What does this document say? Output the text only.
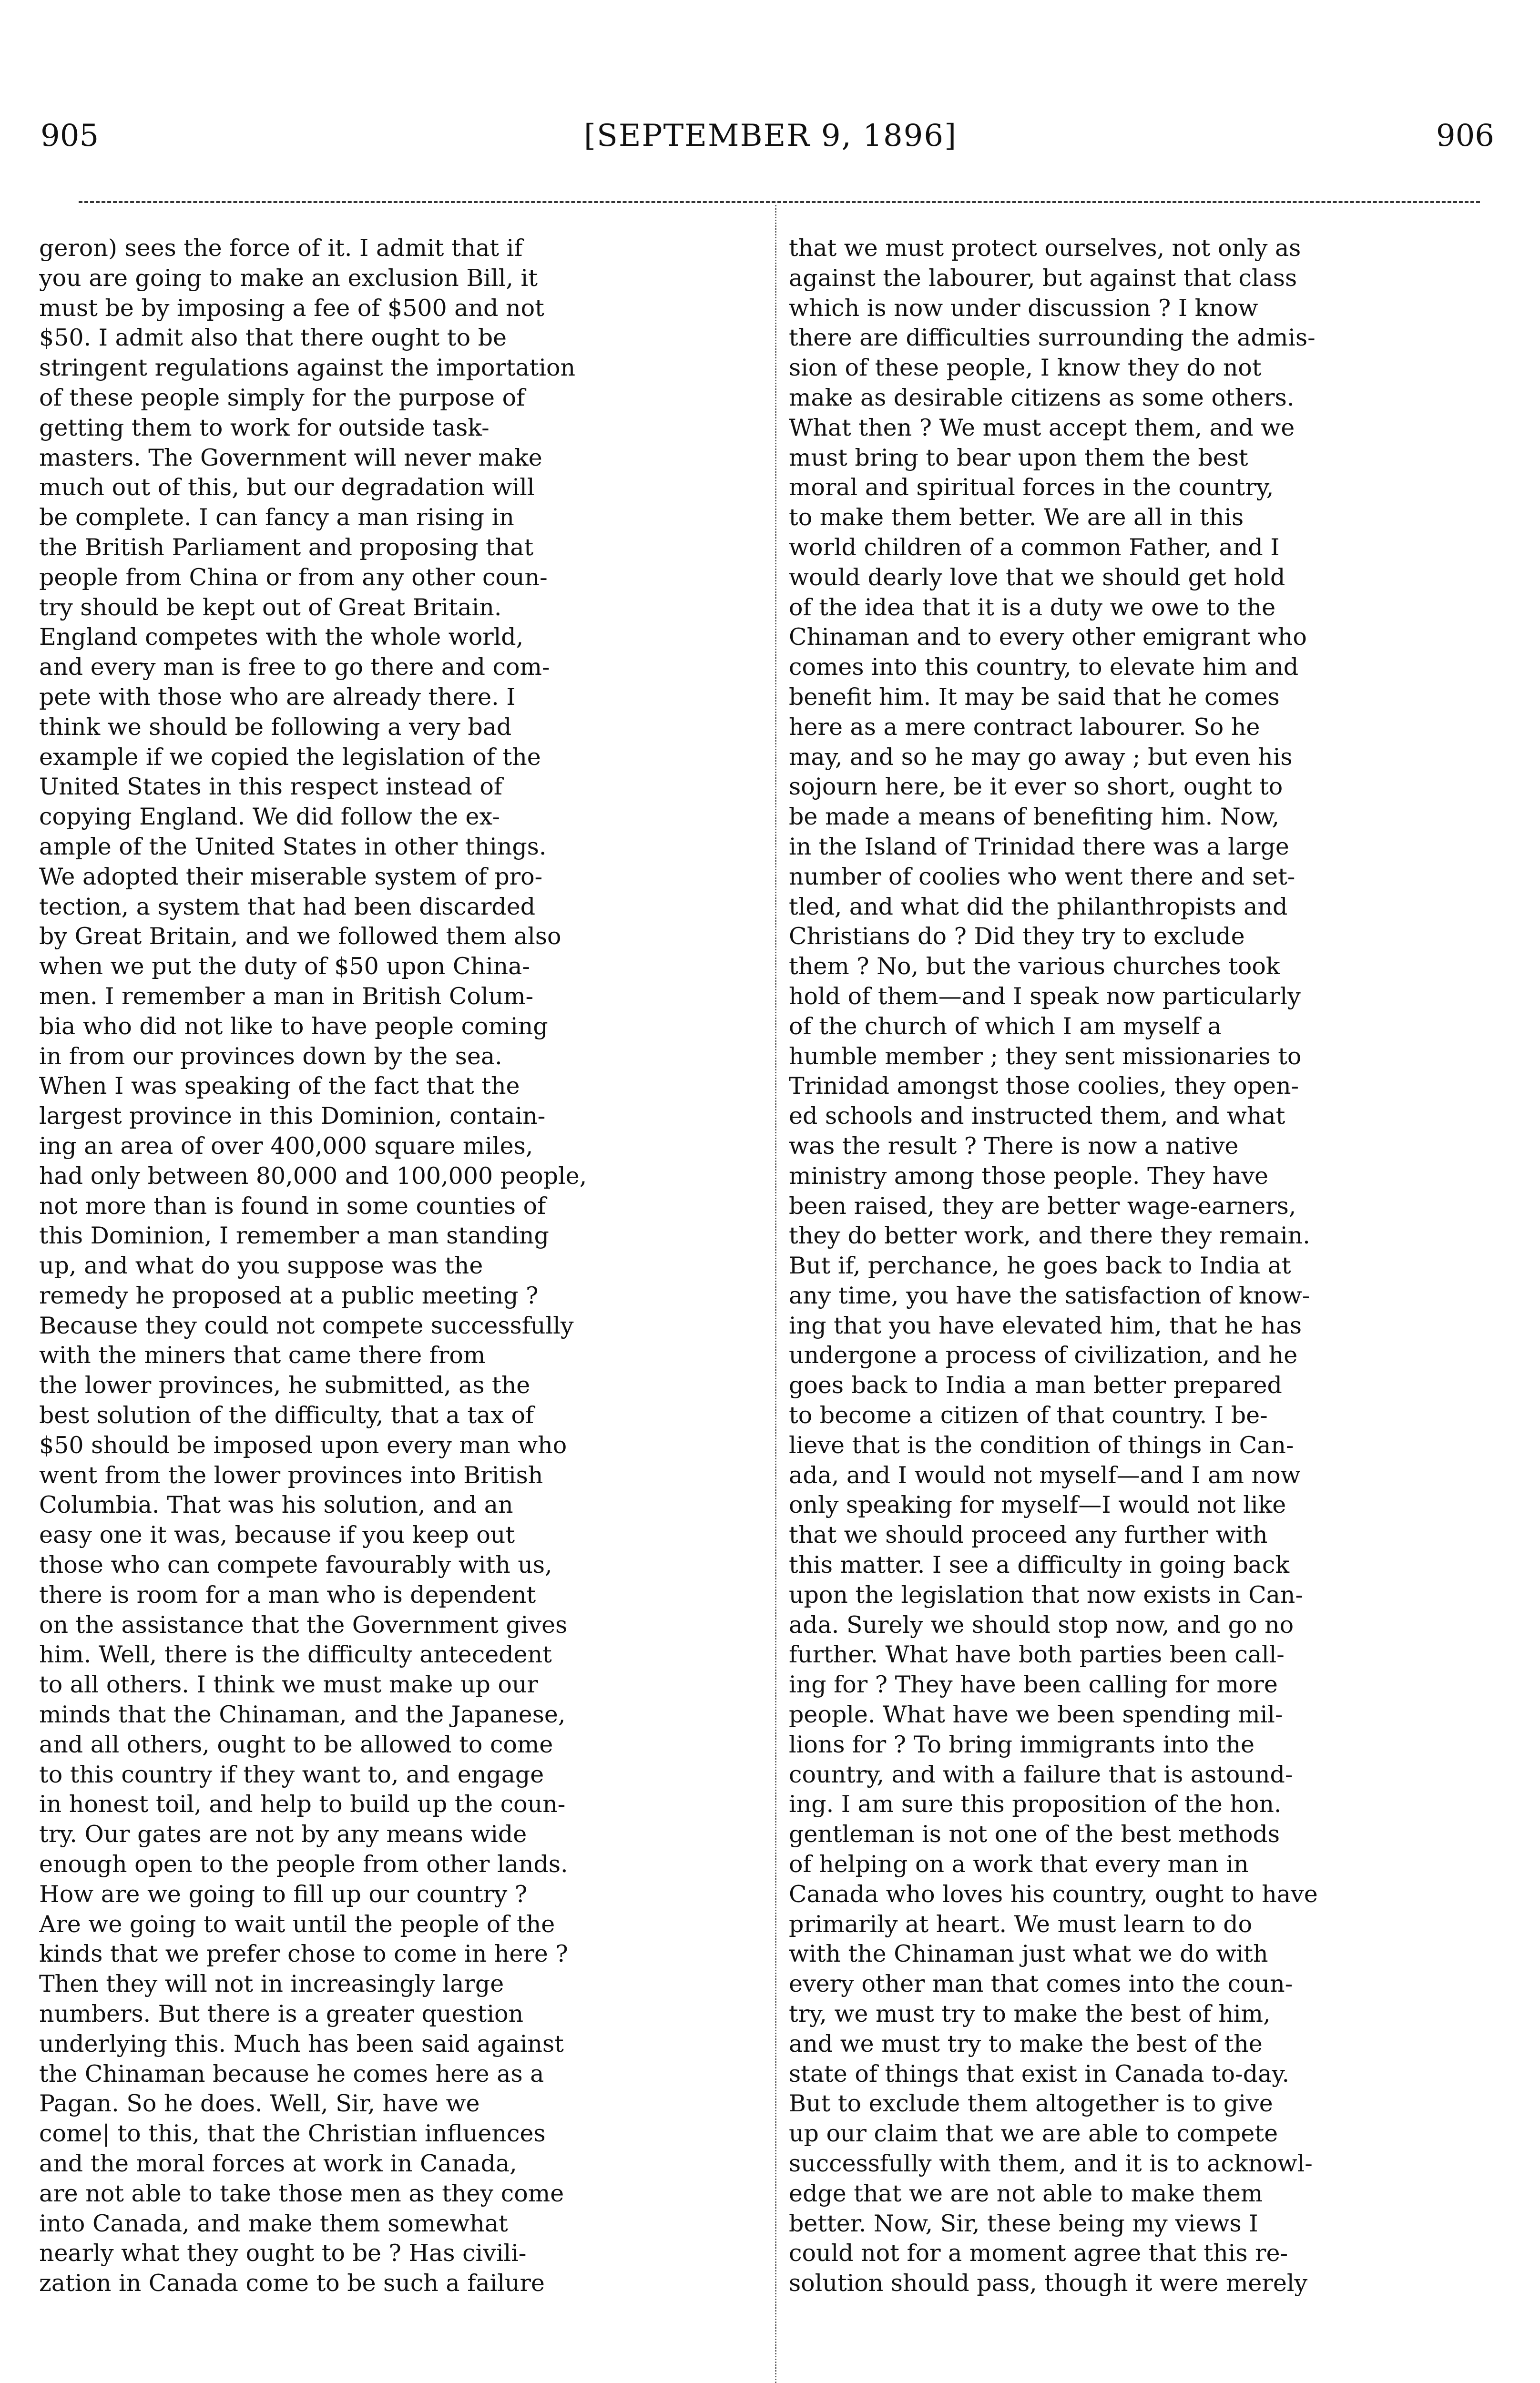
905	[SEPTEMBER 9, 1896]	906
geron) sees the force of it. I admit that if
you are going to make an exclusion Bill, it
must be by imposing a fee of $500 and not
$50. I admit also that there ought to be
stringent regulations against the importation
of these people simply for the purpose of
getting them to work for outside task-
masters. The Government will never make
much out of this, but our degradation will
be complete. I can fancy a man rising in
the British Parliament and proposing that
people from China or from any other coun-
try should be kept out of Great Britain.
England competes with the whole world,
and every man is free to go there and com-
pete with those who are already there. I
think we should be following a very bad
example if we copied the legislation of the
United States in this respect instead of
copying England. We did follow the ex-
ample of the United States in other things.
We adopted their miserable system of pro-
tection, a system that had been discarded
by Great Britain, and we followed them also
when we put the duty of $50 upon China-
men. I remember a man in British Colum-
bia who did not like to have people coming
in from our provinces down by the sea.
When I was speaking of the fact that the
largest province in this Dominion, contain-
ing an area of over 400,000 square miles,
had only between 80,000 and 100,000 people,
not more than is found in some counties of
this Dominion, I remember a man standing
up, and what do you suppose was the
remedy he proposed at a public meeting ?
Because they could not compete successfully
with the miners that came there from
the lower provinces, he submitted, as the
best solution of the difficulty, that a tax of
$50 should be imposed upon every man who
went from the lower provinces into British
Columbia. That was his solution, and an
easy one it was, because if you keep out
those who can compete favourably with us,
there is room for a man who is dependent
on the assistance that the Government gives
him. Well, there is the difficulty antecedent
to all others. I think we must make up our
minds that the Chinaman, and the Japanese,
and all others, ought to be allowed to come
to this country if they want to, and engage
in honest toil, and help to build up the coun-
try. Our gates are not by any means wide
enough open to the people from other lands.
How are we going to fill up our country ?
Are we going to wait until the people of the
kinds that we prefer chose to come in here ?
Then they will not in increasingly large
numbers. But there is a greater question
underlying this. Much has been said against
the Chinaman because he comes here as a
Pagan. So he does. Well, Sir, have we
come| to this, that the Christian influences
and the moral forces at work in Canada,
are not able to take those men as they come
into Canada, and make them somewhat
nearly what they ought to be ? Has civili-
zation in Canada come to be such a failure
that we must protect ourselves, not only as
against the labourer, but against that class
which is now under discussion ? I know
there are difficulties surrounding the admis-
sion of these people, I know they do not
make as desirable citizens as some others.
What then ? We must accept them, and we
must bring to bear upon them the best
moral and spiritual forces in the country,
to make them better. We are all in this
world children of a common Father, and I
would dearly love that we should get hold
of the idea that it is a duty we owe to the
Chinaman and to every other emigrant who
comes into this country, to elevate him and
benefit him. It may be said that he comes
here as a mere contract labourer. So he
may, and so he may go away ; but even his
sojourn here, be it ever so short, ought to
be made a means of benefiting him. Now,
in the Island of Trinidad there was a large
number of coolies who went there and set-
tled, and what did the philanthropists and
Christians do ? Did they try to exclude
them ? No, but the various churches took
hold of them—and I speak now particularly
of the church of which I am myself a
humble member ; they sent missionaries to
Trinidad amongst those coolies, they open-
ed schools and instructed them, and what
was the result ? There is now a native
ministry among those people. They have
been raised, they are better wage-earners,
they do better work, and there they remain.
But if, perchance, he goes back to India at
any time, you have the satisfaction of know-
ing that you have elevated him, that he has
undergone a process of civilization, and he
goes back to India a man better prepared
to become a citizen of that country. I be-
lieve that is the condition of things in Can-
ada, and I would not myself—and I am now
only speaking for myself—I would not like
that we should proceed any further with
this matter. I see a difficulty in going back
upon the legislation that now exists in Can-
ada. Surely we should stop now, and go no
further. What have both parties been call-
ing for ? They have been calling for more
people. What have we been spending mil-
lions for ? To bring immigrants into the
country, and with a failure that is astound-
ing. I am sure this proposition of the hon.
gentleman is not one of the best methods
of helping on a work that every man in
Canada who loves his country, ought to have
primarily at heart. We must learn to do
with the Chinaman just what we do with
every other man that comes into the coun-
try, we must try to make the best of him,
and we must try to make the best of the
state of things that exist in Canada to-day.
But to exclude them altogether is to give
up our claim that we are able to compete
successfully with them, and it is to acknowl-
edge that we are not able to make them
better. Now, Sir, these being my views I
could not for a moment agree that this re-
solution should pass, though it were merely
